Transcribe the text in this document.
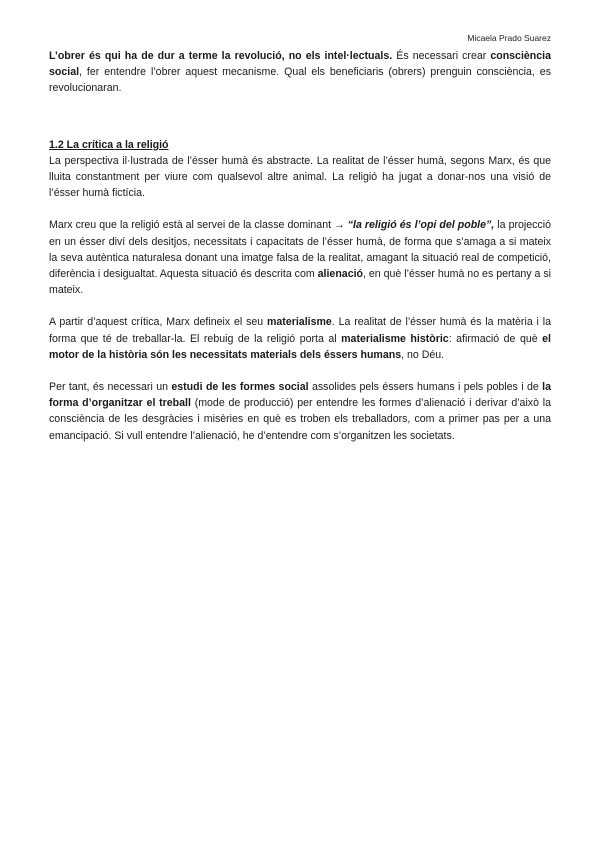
Micaela Prado Suarez

L’obrer és qui ha de dur a terme la revolució, no els intel·lectuals. És necessari crear consciència social, fer entendre l’obrer aquest mecanisme. Qual els beneficiaris (obrers) prenguin consciència, es revolucionaran.

1.2 La crítica a la religió

La perspectiva il·lustrada de l’ésser humà és abstracte. La realitat de l’ésser humà, segons Marx, és que lluita constantment per viure com qualsevol altre animal. La religió ha jugat a donar-nos una visió de l’ésser humà fictícia.

Marx creu que la religió està al servei de la classe dominant → “la religió és l’opi del poble”, la projecció en un ésser diví dels desitjos, necessitats i capacitats de l’ésser humà, de forma que s’amaga a si mateix la seva autèntica naturalesa donant una imatge falsa de la realitat, amagant la situació real de competició, diferència i desigualtat. Aquesta situació és descrita com alienació, en què l’ésser humà no es pertany a si mateix.

A partir d’aquest crítica, Marx defineix el seu materialisme. La realitat de l’ésser humà és la matèria i la forma que té de treballar-la. El rebuig de la religió porta al materialisme històric: afirmació de què el motor de la història són les necessitats materials dels éssers humans, no Déu.

Per tant, és necessari un estudi de les formes social assolides pels éssers humans i pels pobles i de la forma d’organitzar el treball (mode de producció) per entendre les formes d’alienació i derivar d’això la consciència de les desgràcies i misèries en què es troben els treballadors, com a primer pas per a una emancipació. Si vull entendre l’alienació, he d’entendre com s’organitzen les societats.
